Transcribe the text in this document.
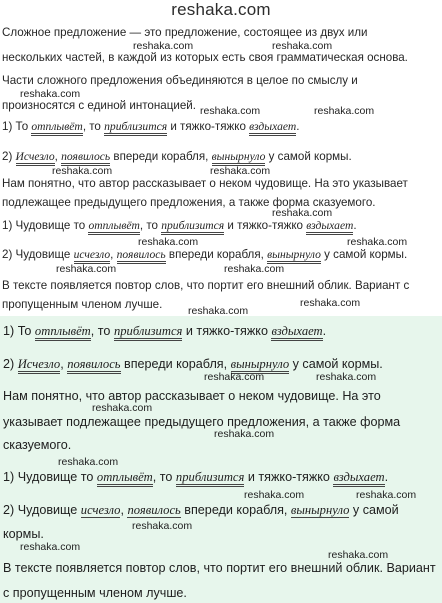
reshaka.com
Сложное предложение — это предложение, состоящее из двух или
reshaka.com	reshaka.com
нескольких частей, в каждой из которых есть своя грамматическая основа.
Части сложного предложения объединяются в целое по смыслу и
reshaka.com
произносятся с единой интонацией. reshaka.com	reshaka.com
1) То отплывёт, то приблизится и тяжко-тяжко вздыхает.
2) Исчезло, появилось впереди корабля, вынырнуло у самой кормы.
reshaka.com	reshaka.com
Нам понятно, что автор рассказывает о неком чудовище. На это указывает
подлежащее предыдущего предложения, а также форма сказуемого.
reshaka.com
1) Чудовище то отплывёт, то приблизится и тяжко-тяжко вздыхает.
reshaka.com	reshaka.com
2) Чудовище исчезло, появилось впереди корабля, вынырнуло у самой кормы.
reshaka.com	reshaka.com
В тексте появляется повтор слов, что портит его внешний облик. Вариант с
reshaka.com
пропущенным членом лучше. reshaka.com
1) То отплывёт, то приблизится и тяжко-тяжко вздыхает.
2) Исчезло, появилось впереди корабля, вынырнуло у самой кормы.
reshaka.com	reshaka.com
Нам понятно, что автор рассказывает о неком чудовище. На это
reshaka.com
указывает подлежащее предыдущего предложения, а также форма
reshaka.com
сказуемого.
reshaka.com
1) Чудовище то отплывёт, то приблизится и тяжко-тяжко вздыхает.
reshaka.com	reshaka.com
2) Чудовище исчезло, появилось впереди корабля, вынырнуло у самой
reshaka.com
кормы.
reshaka.com
reshaka.com
В тексте появляется повтор слов, что портит его внешний облик. Вариант
с пропущенным членом лучше.
